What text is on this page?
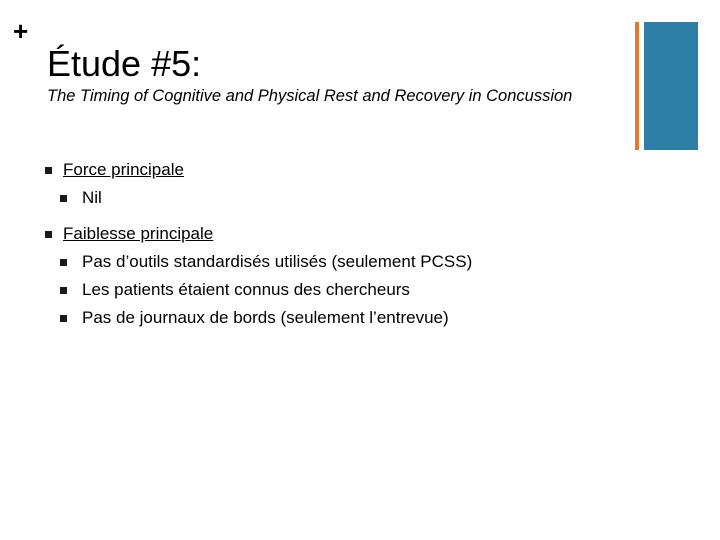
+
Étude #5:
The Timing of Cognitive and Physical Rest and Recovery in Concussion
Force principale
Nil
Faiblesse principale
Pas d’outils standardisés utilisés (seulement PCSS)
Les patients étaient connus des chercheurs
Pas de journaux de bords (seulement l’entrevue)
